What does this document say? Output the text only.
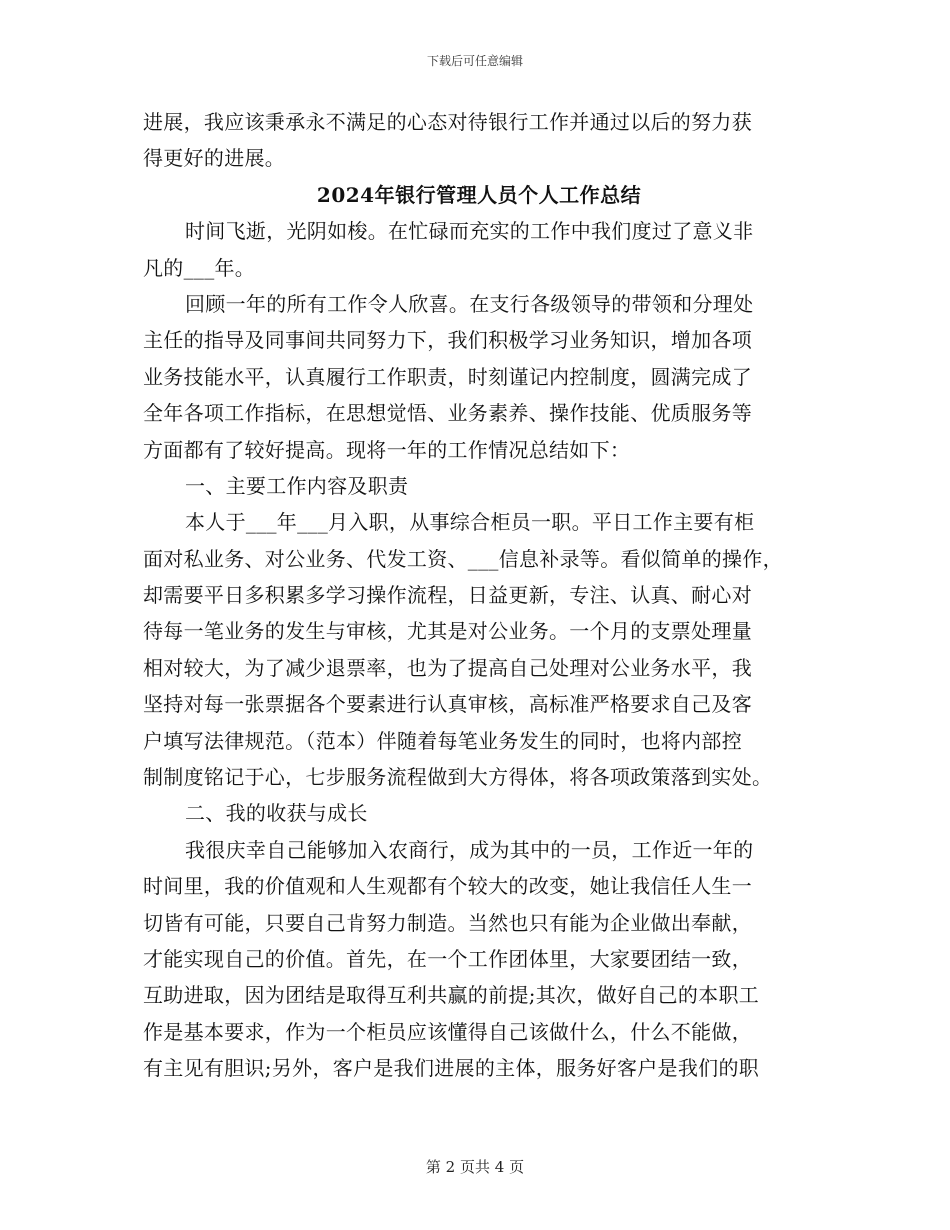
下载后可任意编辑
进展，我应该秉承永不满足的心态对待银行工作并通过以后的努力获
得更好的进展。
2024年银行管理人员个人工作总结
时间飞逝，光阴如梭。在忙碌而充实的工作中我们度过了意义非
凡的___年。
回顾一年的所有工作令人欣喜。在支行各级领导的带领和分理处
主任的指导及同事间共同努力下，我们积极学习业务知识，增加各项
业务技能水平，认真履行工作职责，时刻谨记内控制度，圆满完成了
全年各项工作指标，在思想觉悟、业务素养、操作技能、优质服务等
方面都有了较好提高。现将一年的工作情况总结如下：
一、主要工作内容及职责
本人于___年___月入职，从事综合柜员一职。平日工作主要有柜
面对私业务、对公业务、代发工资、___信息补录等。看似简单的操作，
却需要平日多积累多学习操作流程，日益更新，专注、认真、耐心对
待每一笔业务的发生与审核，尤其是对公业务。一个月的支票处理量
相对较大，为了减少退票率，也为了提高自己处理对公业务水平，我
坚持对每一张票据各个要素进行认真审核，高标准严格要求自己及客
户填写法律规范。（范本）伴随着每笔业务发生的同时，也将内部控
制制度铭记于心，七步服务流程做到大方得体，将各项政策落到实处。
二、我的收获与成长
我很庆幸自己能够加入农商行，成为其中的一员，工作近一年的
时间里，我的价值观和人生观都有个较大的改变，她让我信任人生一
切皆有可能，只要自己肯努力制造。当然也只有能为企业做出奉献，
才能实现自己的价值。首先，在一个工作团体里，大家要团结一致，
互助进取，因为团结是取得互利共赢的前提;其次，做好自己的本职工
作是基本要求，作为一个柜员应该懂得自己该做什么，什么不能做，
有主见有胆识;另外，客户是我们进展的主体，服务好客户是我们的职
第 2 页共 4 页
